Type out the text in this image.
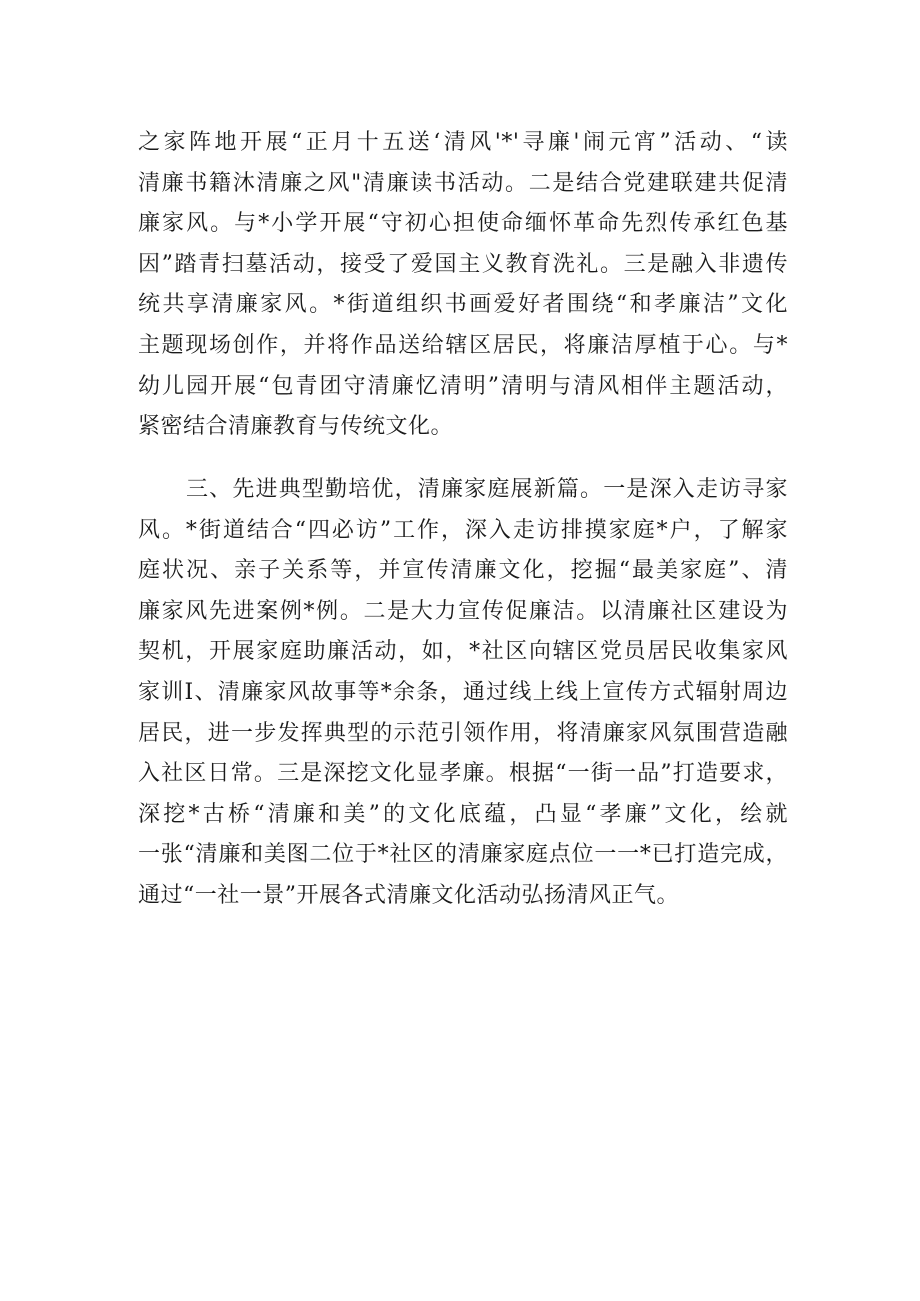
之家阵地开展“正月十五送‘清风'*'寻廉'闹元宵”活动、“读
清廉书籍沐清廉之风"清廉读书活动。二是结合党建联建共促清
廉家风。与*小学开展“守初心担使命缅怀革命先烈传承红色基
因”踏青扫墓活动，接受了爱国主义教育洗礼。三是融入非遗传
统共享清廉家风。*街道组织书画爱好者围绕“和孝廉洁”文化
主题现场创作，并将作品送给辖区居民，将廉洁厚植于心。与*
幼儿园开展“包青团守清廉忆清明”清明与清风相伴主题活动，
紧密结合清廉教育与传统文化。
三、先进典型勤培优，清廉家庭展新篇。一是深入走访寻家
风。*街道结合“四必访”工作，深入走访排摸家庭*户，了解家
庭状况、亲子关系等，并宣传清廉文化，挖掘“最美家庭”、清
廉家风先进案例*例。二是大力宣传促廉洁。以清廉社区建设为
契机，开展家庭助廉活动，如，*社区向辖区党员居民收集家风
家训Ⅰ、清廉家风故事等*余条，通过线上线上宣传方式辐射周边
居民，进一步发挥典型的示范引领作用，将清廉家风氛围营造融
入社区日常。三是深挖文化显孝廉。根据“一街一品”打造要求，
深挖*古桥“清廉和美”的文化底蕴，凸显“孝廉”文化，绘就
一张“清廉和美图二位于*社区的清廉家庭点位一一*已打造完成，
通过“一社一景”开展各式清廉文化活动弘扬清风正气。
